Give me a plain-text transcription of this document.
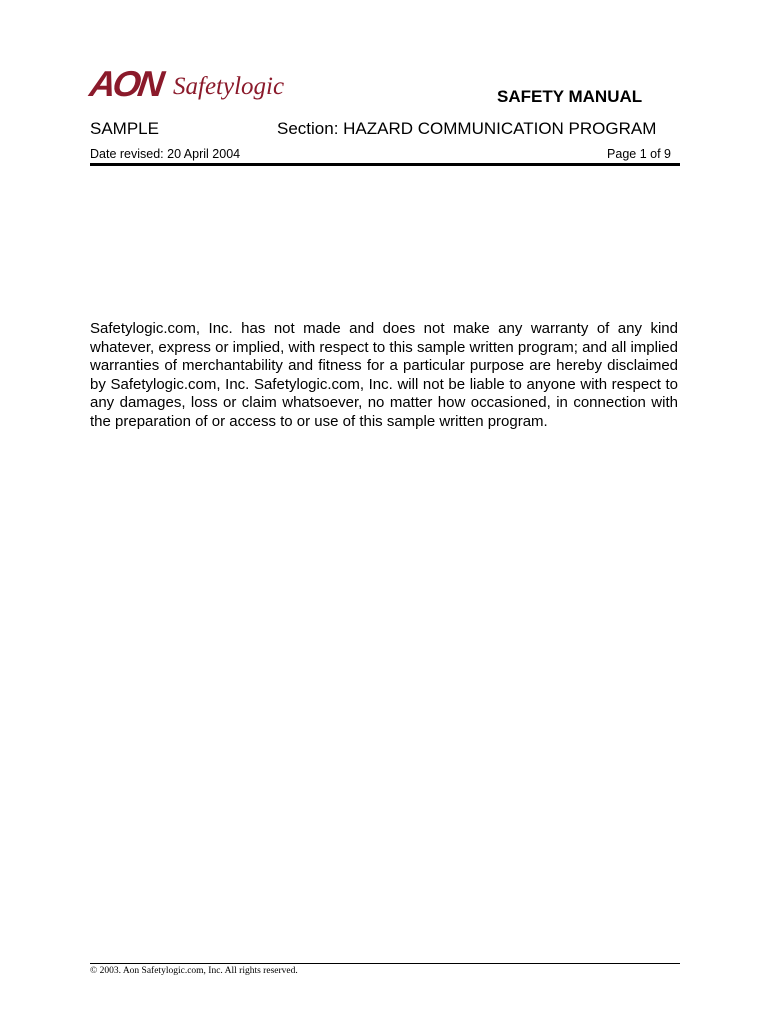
AON Safetylogic	SAFETY MANUAL
SAMPLE	Section: HAZARD COMMUNICATION PROGRAM
Date revised: 20 April 2004	Page 1 of 9

Safetylogic.com, Inc. has not made and does not make any warranty of any kind whatever, express or implied, with respect to this sample written program; and all implied warranties of merchantability and fitness for a particular purpose are hereby disclaimed by Safetylogic.com, Inc. Safetylogic.com, Inc. will not be liable to anyone with respect to any damages, loss or claim whatsoever, no matter how occasioned, in connection with the preparation of or access to or use of this sample written program.

© 2003. Aon Safetylogic.com, Inc. All rights reserved.
